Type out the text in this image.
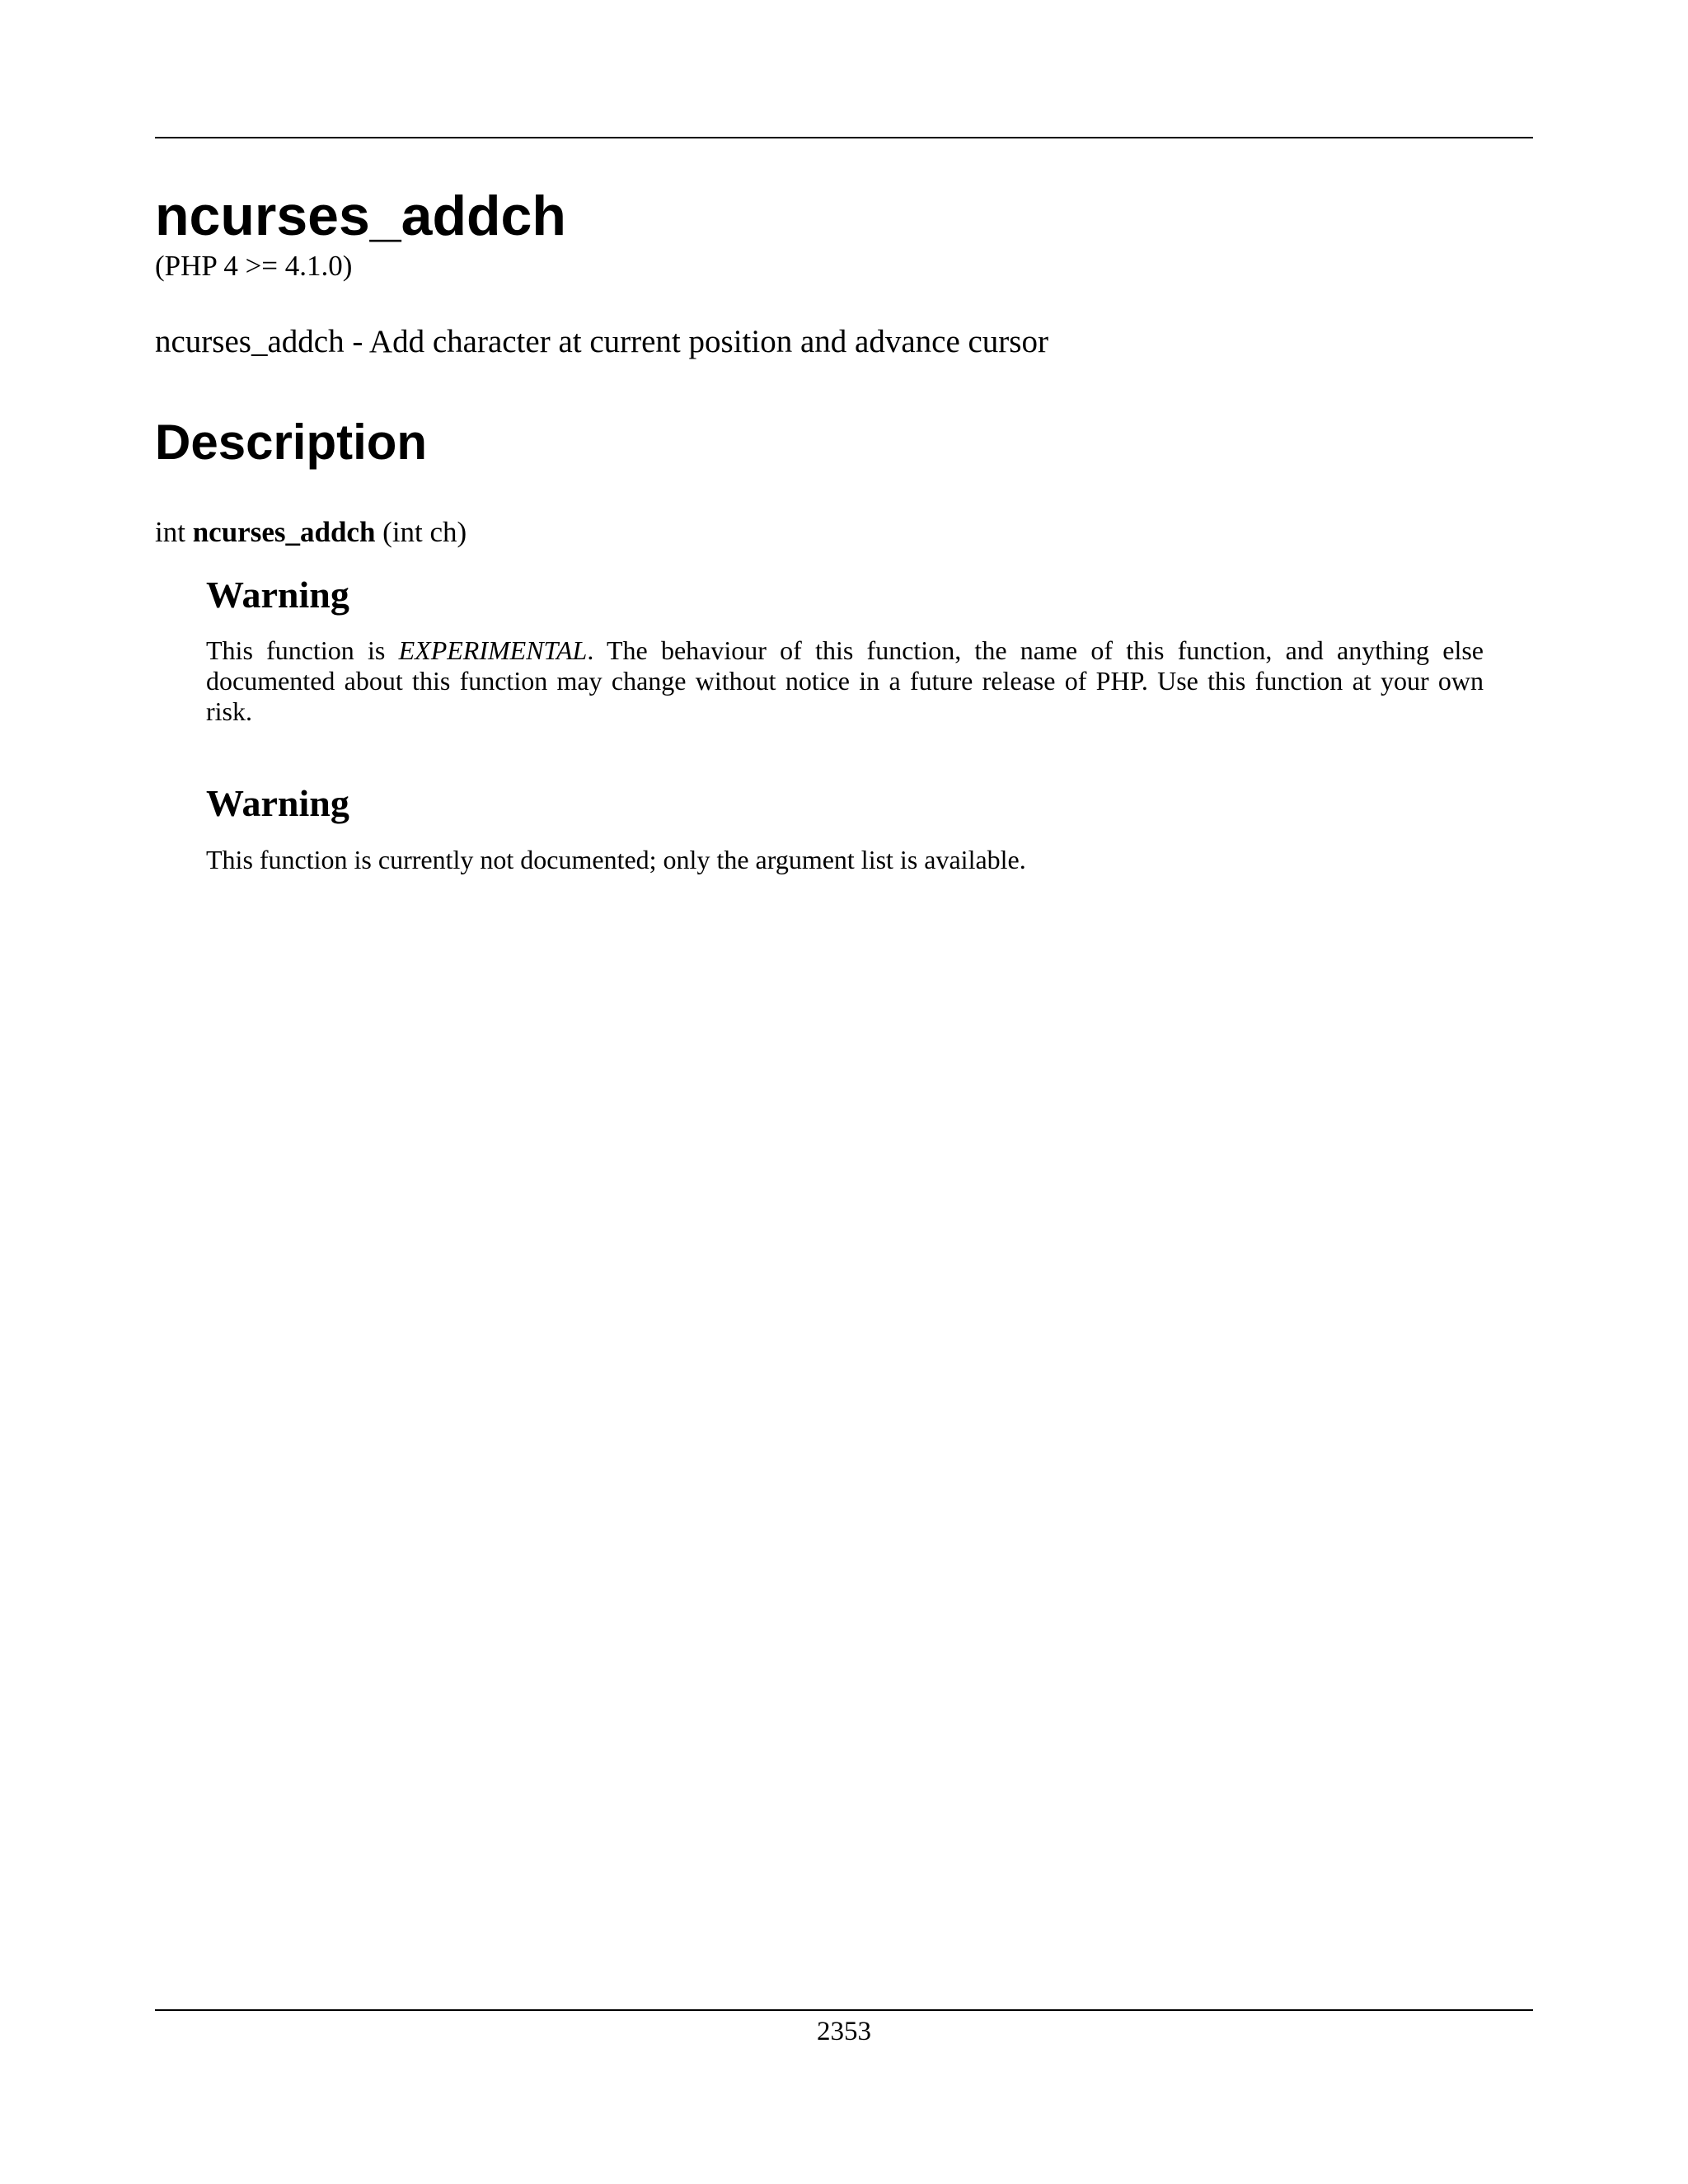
ncurses_addch
(PHP 4 >= 4.1.0)
ncurses_addch - Add character at current position and advance cursor
Description
int ncurses_addch (int ch)
Warning
This function is EXPERIMENTAL. The behaviour of this function, the name of this function, and anything else documented about this function may change without notice in a future release of PHP. Use this function at your own risk.
Warning
This function is currently not documented; only the argument list is available.
2353
